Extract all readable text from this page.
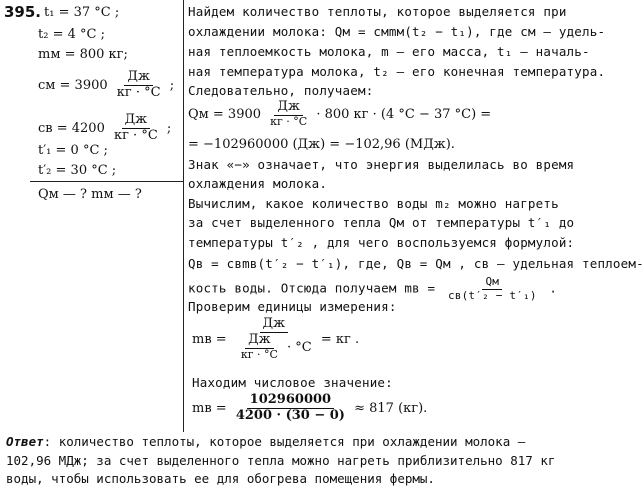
395. t₁ = 37 °C ;
t₂ = 4 °C ;
mм = 800 кг;
cм = $3900 \frac{Дж}{кг \cdot ^\circ C}$ ;
cв = $4200 \frac{Дж}{кг \cdot ^\circ C}$ ;
t′₁ = 0 °C ;
t′₂ = 30 °C ;
Qм — ? mм — ?
Найдем количество теплоты, которое выделяется при
охлаждении молока: Qм = cмmм(t₂ − t₁), где cм — удель-
ная теплоемкость молока, m — его масса, t₁ — началь-
ная температура молока, t₂ — его конечная температура.
Следовательно, получаем:
Qм = $3900 \frac{Дж}{кг \cdot ^\circ C} \cdot 800$ кг · (4 °C − 37 °C) =
= −102960000 (Дж) = −102,96 (МДж).
Знак «−» означает, что энергия выделилась во время
охлаждения молока.
Вычислим, какое количество воды m₂ можно нагреть
за счет выделенного тепла Qм от температуры t′₁ до
температуры t′₂ , для чего воспользуемся формулой:
Qв = cвmв(t′₂ − t′₁), где, Qв = Qм , cв — удельная теплоем-
кость воды. Отсюда получаем mв = $\frac{Qм}{\text{cв(t′₂ − t′₁)}}$ .
Проверим единицы измерения:
mв = $\frac{Дж}{\frac{Дж}{кг \cdot ^\circ C} \cdot ^\circ C}$ = кг .
Находим числовое значение:
mв = $\frac{102960000}{4200 \cdot (30 - 0)} \approx 817$ (кг).
Ответ: количество теплоты, которое выделяется при охлаждении молока —
102,96 МДж; за счет выделенного тепла можно нагреть приблизительно 817 кг
воды, чтобы использовать ее для обогрева помещения фермы.
